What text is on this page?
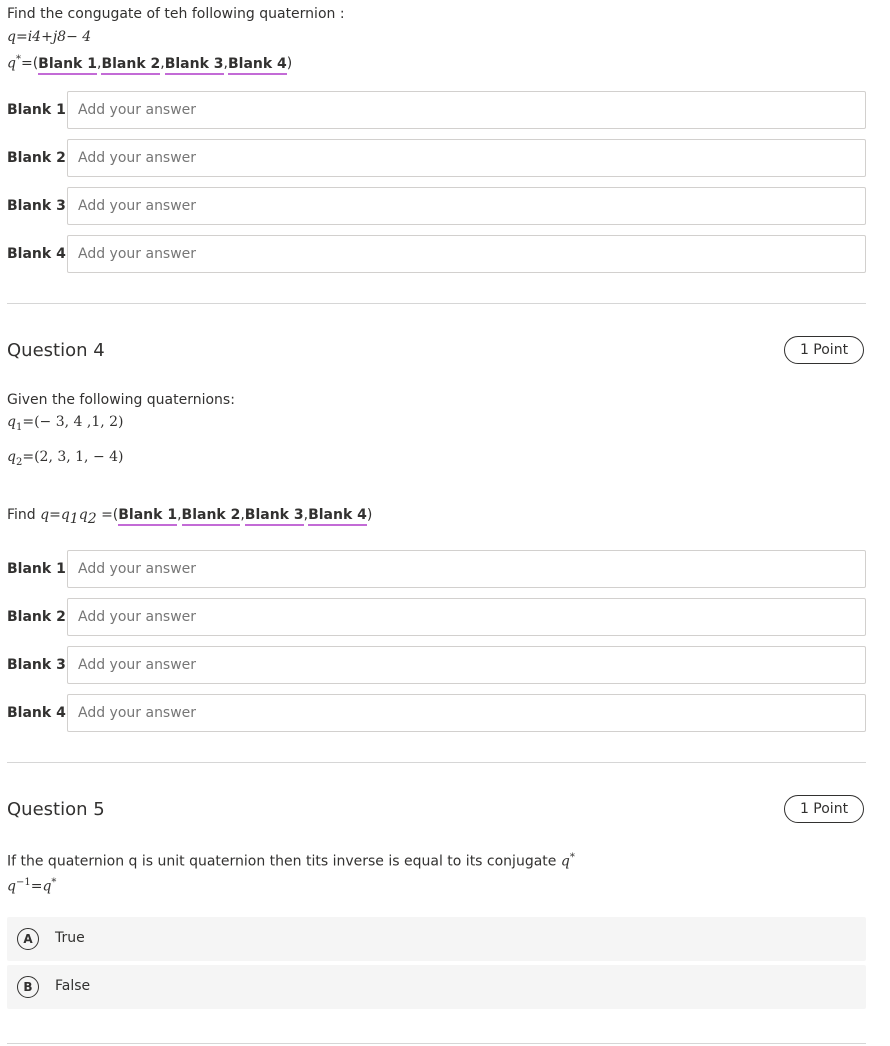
Find the congugate of teh following quaternion :
q=i4+j8− 4
q*=(Blank 1,Blank 2,Blank 3,Blank 4)
Blank 1
Add your answer
Blank 2
Add your answer
Blank 3
Add your answer
Blank 4
Add your answer
Question 4	1 Point
Given the following quaternions:
$q_1=(- 3$, 4 ,1, 2)
$q_2=(2$, 3, 1, − 4)
Find $q=q_1q_2$ =(Blank 1,Blank 2,Blank 3,Blank 4)
Blank 1
Add your answer
Blank 2
Add your answer
Blank 3
Add your answer
Blank 4
Add your answer
Question 5	1 Point
If the quaternion q is unit quaternion then tits inverse is equal to its conjugate q*
$q^{-1}=q^*$
A	True
B	False
